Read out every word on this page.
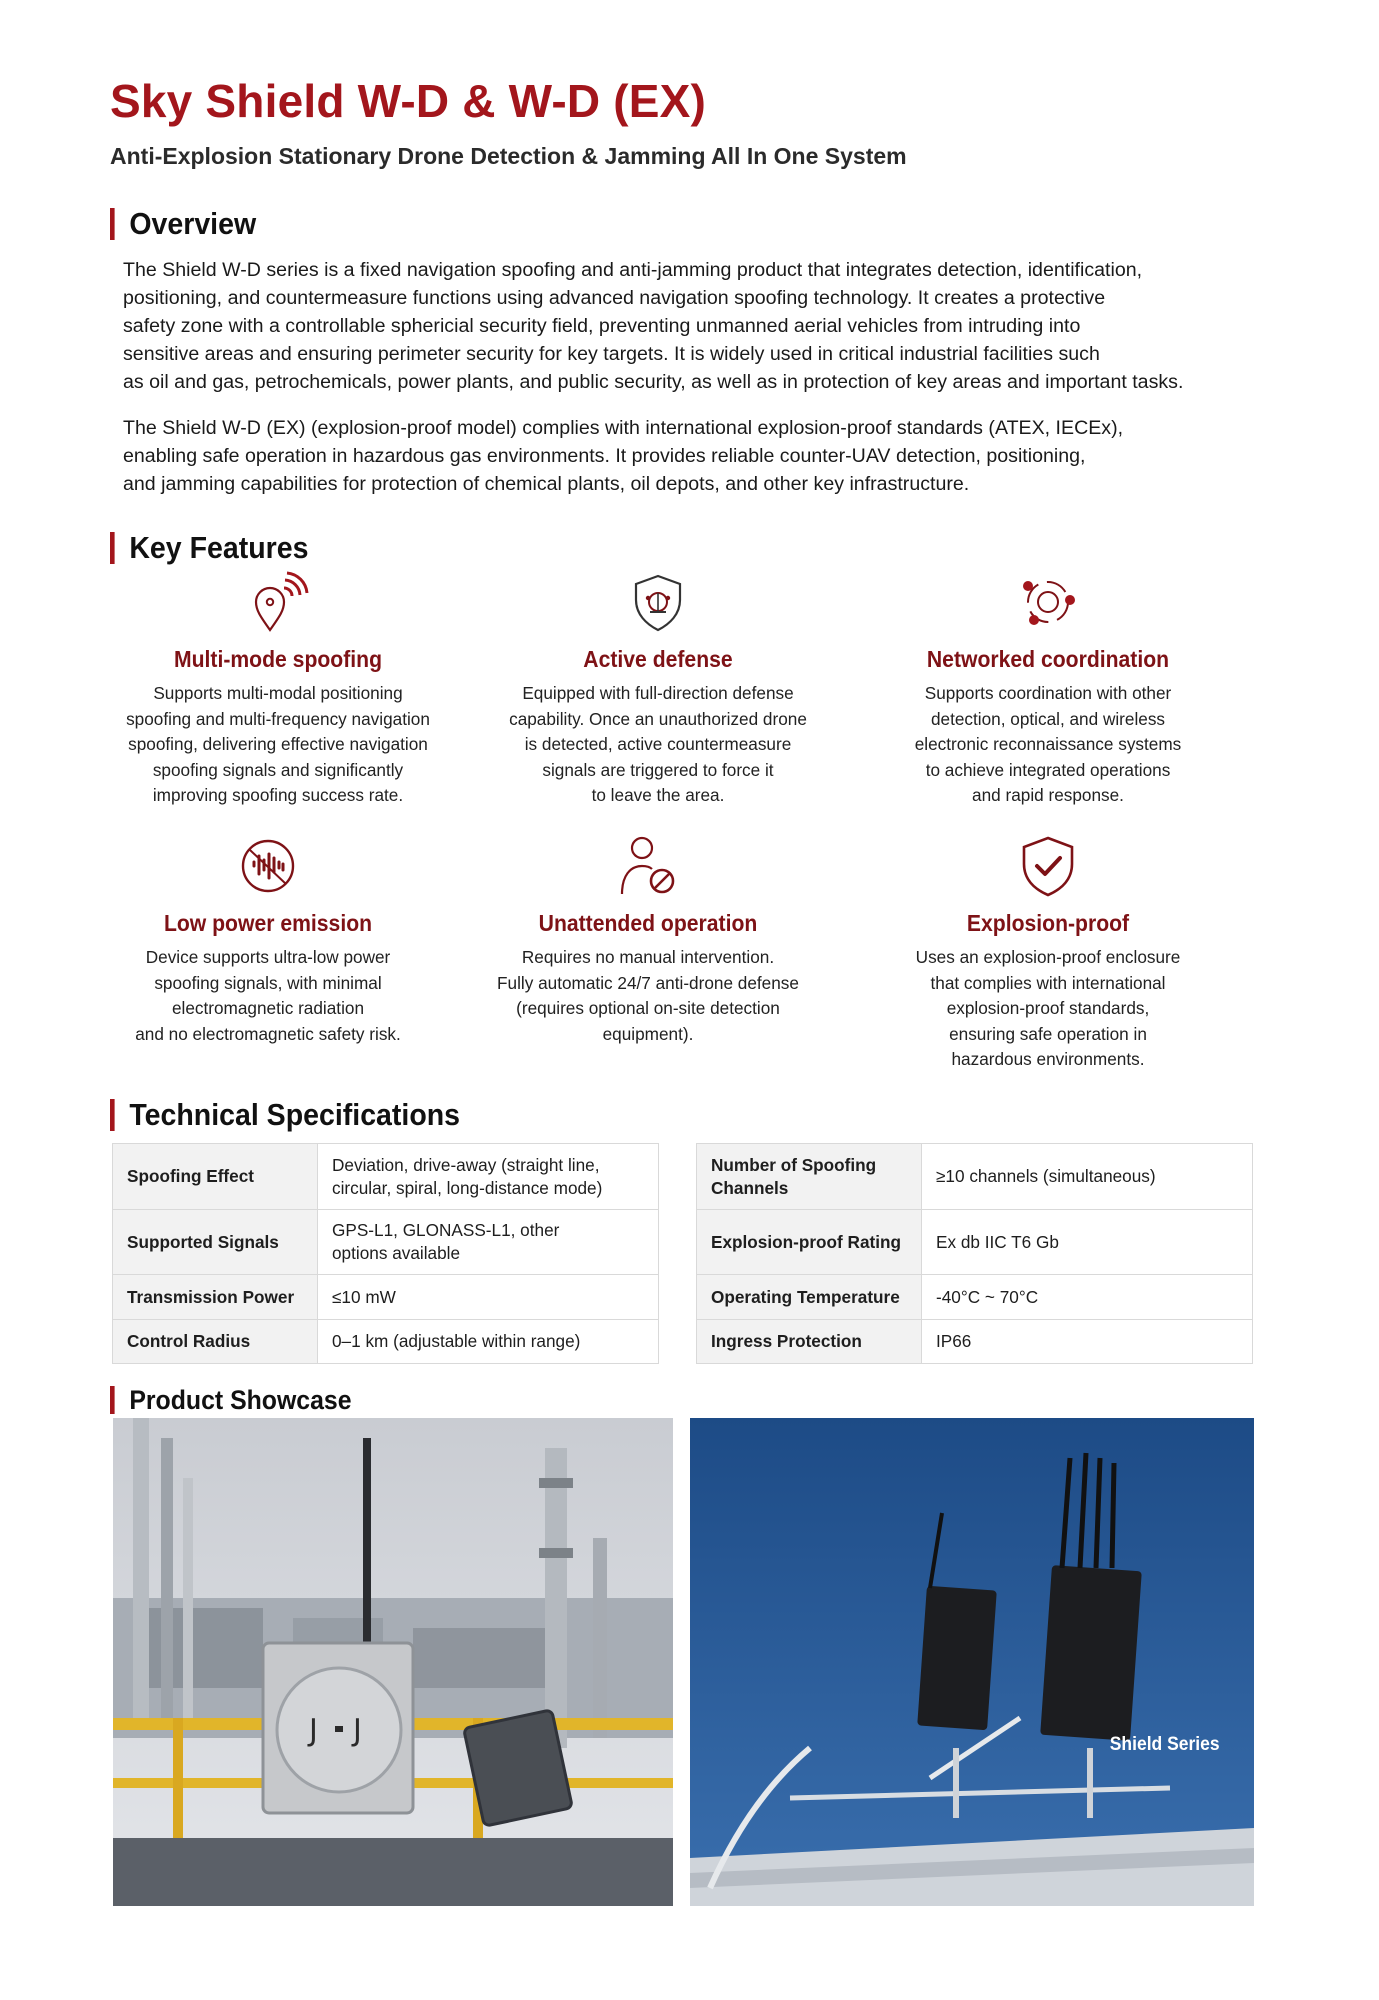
Sky Shield W-D & W-D (EX)
Anti-Explosion Stationary Drone Detection & Jamming All In One System
Overview

The Shield W-D series is a fixed navigation spoofing and anti-jamming product that integrates detection, identification,
positioning, and countermeasure functions using advanced navigation spoofing technology. It creates a protective
safety zone with a controllable sphericial security field, preventing unmanned aerial vehicles from intruding into
sensitive areas and ensuring perimeter security for key targets. It is widely used in critical industrial facilities such
as oil and gas, petrochemicals, power plants, and public security, as well as in protection of key areas and important tasks.

The Shield W-D (EX) (explosion-proof model) complies with international explosion-proof standards (ATEX, IECEx),
enabling safe operation in hazardous gas environments. It provides reliable counter-UAV detection, positioning,
and jamming capabilities for protection of chemical plants, oil depots, and other key infrastructure.

Key Features
Multi-mode spoofing
Supports multi-modal positioning
spoofing and multi-frequency navigation
spoofing, delivering effective navigation
spoofing signals and significantly
improving spoofing success rate.
Active defense
Equipped with full-direction defense
capability. Once an unauthorized drone
is detected, active countermeasure
signals are triggered to force it
to leave the area.
Networked coordination
Supports coordination with other
detection, optical, and wireless
electronic reconnaissance systems
to achieve integrated operations
and rapid response.
Low power emission
Device supports ultra-low power
spoofing signals, with minimal
electromagnetic radiation
and no electromagnetic safety risk.
Unattended operation
Requires no manual intervention.
Fully automatic 24/7 anti-drone defense
(requires optional on-site detection
equipment).
Explosion-proof
Uses an explosion-proof enclosure
that complies with international
explosion-proof standards,
ensuring safe operation in
hazardous environments.
Technical Specifications
Spoofing Effect	Deviation, drive-away (straight line,
circular, spiral, long-distance mode)

Supported Signals	GPS-L1, GLONASS-L1, other
options available

Transmission Power	≤10 mW
Control Radius	0–1 km (adjustable within range)
Number of Spoofing
Channels	≥10 channels (simultaneous)
Explosion-proof Rating	Ex db IIC T6 Gb
Operating Temperature	-40°C ~ 70°C
Ingress Protection	IP66
Product Showcase
J J	Shield Series
